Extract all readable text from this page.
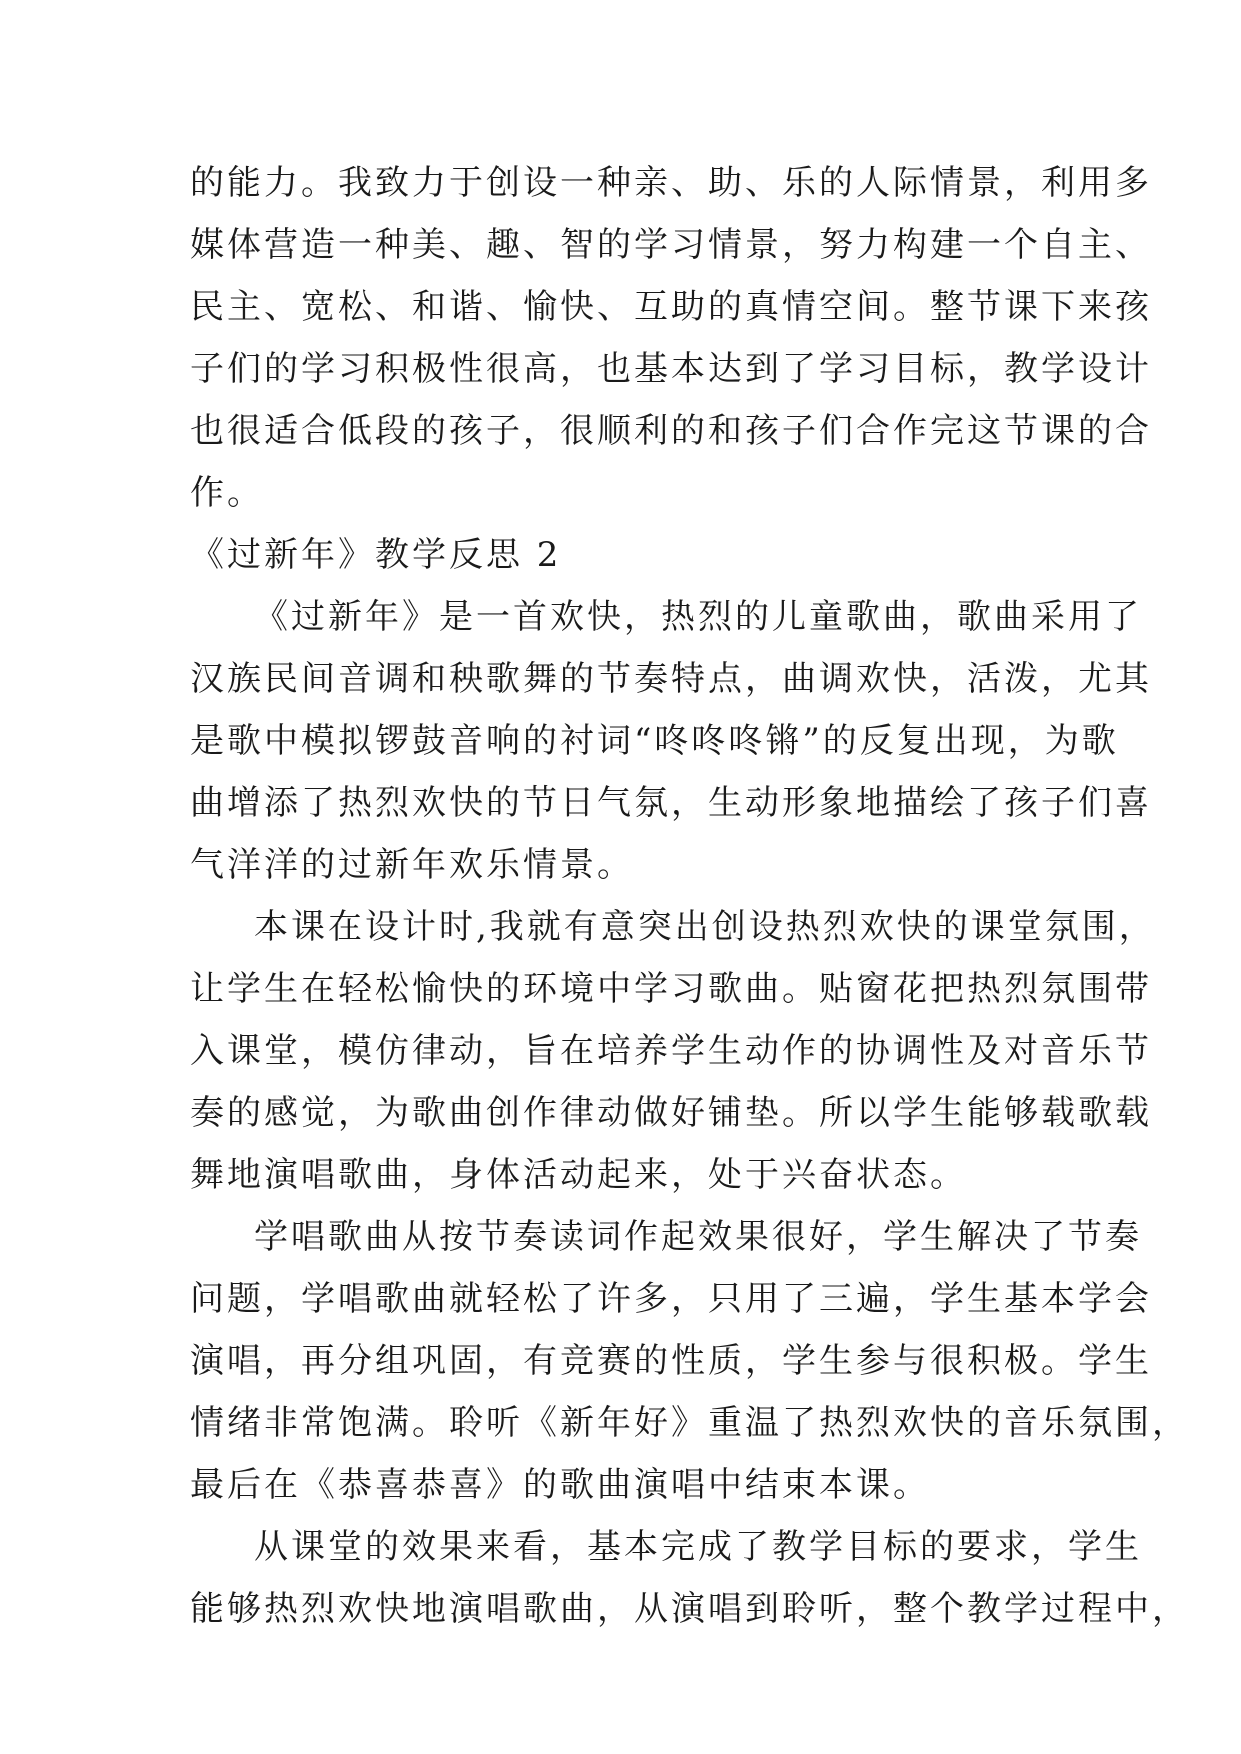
的能力。我致力于创设一种亲、助、乐的人际情景，利用多
媒体营造一种美、趣、智的学习情景，努力构建一个自主、
民主、宽松、和谐、愉快、互助的真情空间。整节课下来孩
子们的学习积极性很高，也基本达到了学习目标，教学设计
也很适合低段的孩子，很顺利的和孩子们合作完这节课的合
作。
《过新年》教学反思 2
《过新年》是一首欢快，热烈的儿童歌曲，歌曲采用了
汉族民间音调和秧歌舞的节奏特点，曲调欢快，活泼，尤其
是歌中模拟锣鼓音响的衬词“咚咚咚锵”的反复出现，为歌
曲增添了热烈欢快的节日气氛，生动形象地描绘了孩子们喜
气洋洋的过新年欢乐情景。
本课在设计时,我就有意突出创设热烈欢快的课堂氛围，
让学生在轻松愉快的环境中学习歌曲。贴窗花把热烈氛围带
入课堂，模仿律动，旨在培养学生动作的协调性及对音乐节
奏的感觉，为歌曲创作律动做好铺垫。所以学生能够载歌载
舞地演唱歌曲，身体活动起来，处于兴奋状态。
学唱歌曲从按节奏读词作起效果很好，学生解决了节奏
问题，学唱歌曲就轻松了许多，只用了三遍，学生基本学会
演唱，再分组巩固，有竞赛的性质，学生参与很积极。学生
情绪非常饱满。聆听《新年好》重温了热烈欢快的音乐氛围，
最后在《恭喜恭喜》的歌曲演唱中结束本课。
从课堂的效果来看，基本完成了教学目标的要求，学生
能够热烈欢快地演唱歌曲，从演唱到聆听，整个教学过程中，
